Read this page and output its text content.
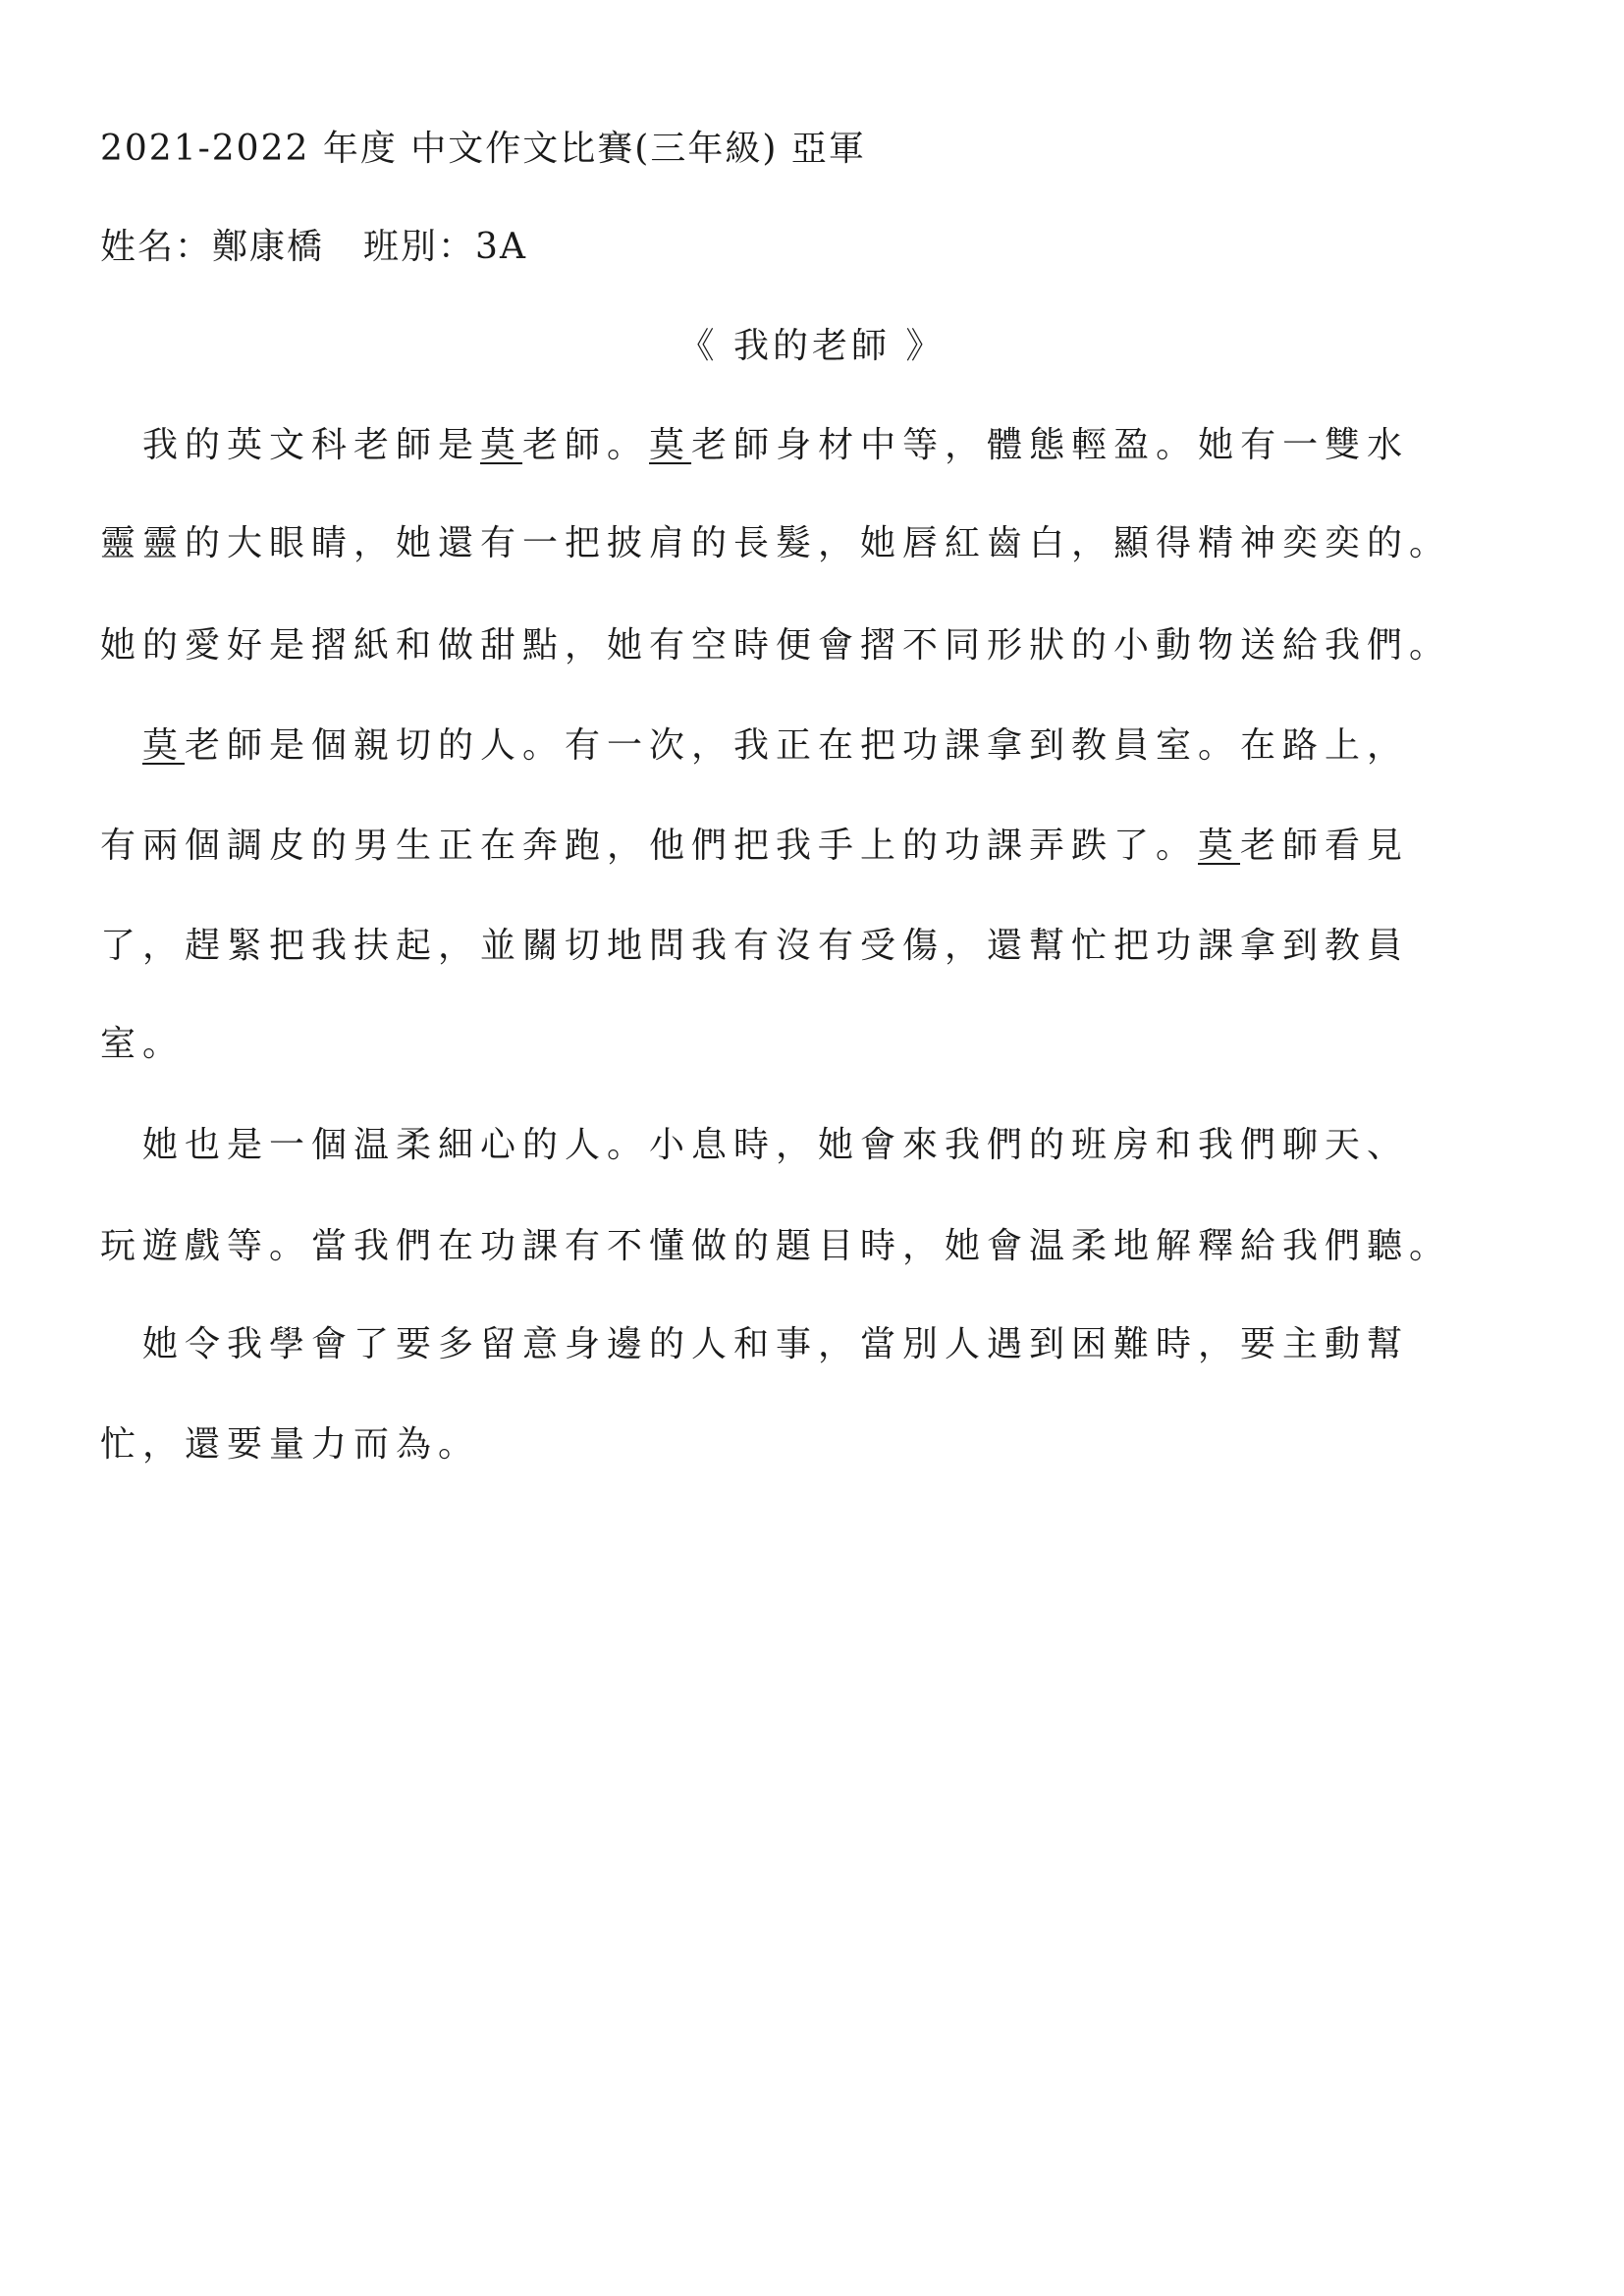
2021-2022 年度 中文作文比賽(三年級) 亞軍
姓名：鄭康橋 班別：3A
《 我的老師 》
　我的英文科老師是莫老師。莫老師身材中等，體態輕盈。她有一雙水
靈靈的大眼睛，她還有一把披肩的長髮，她唇紅齒白，顯得精神奕奕的。
她的愛好是摺紙和做甜點，她有空時便會摺不同形狀的小動物送給我們。
　莫老師是個親切的人。有一次，我正在把功課拿到教員室。在路上，
有兩個調皮的男生正在奔跑，他們把我手上的功課弄跌了。莫老師看見
了，趕緊把我扶起，並關切地問我有沒有受傷，還幫忙把功課拿到教員
室。
　她也是一個温柔細心的人。小息時，她會來我們的班房和我們聊天、
玩遊戲等。當我們在功課有不懂做的題目時，她會温柔地解釋給我們聽。
　她令我學會了要多留意身邊的人和事，當別人遇到困難時，要主動幫
忙，還要量力而為。
